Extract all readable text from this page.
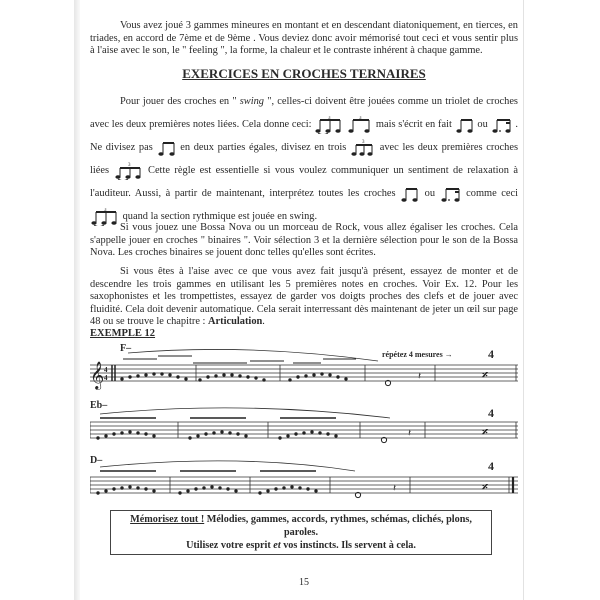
Vous avez joué 3 gammes mineures en montant et en descendant diatoniquement, en tierces, en triades, en accord de 7ème et de 9ème . Vous deviez donc avoir mémorisé tout ceci et vous sentir plus à l'aise avec le son, le " feeling ", la forme, la chaleur et le contraste inhérent à chaque gamme.

EXERCICES EN CROCHES TERNAIRES

Pour jouer des croches en " swing ", celles-ci doivent être jouées comme un triolet de croches avec les deux premières notes liées. Cela donne ceci:
3
	3
mais s'écrit en fait ou	. Ne divisez pas	en deux parties égales, divisez en trois	3 avec les deux premières croches liées	3 Cette règle est essentielle si vous voulez communiquer un sentiment de relaxation à l'auditeur. Aussi, à partir de maintenant, interprétez toutes les croches	ou	comme ceci
3
quand la section rythmique est jouée en swing.

Si vous jouez une Bossa Nova ou un morceau de Rock, vous allez égaliser les croches. Cela s'appelle jouer en croches " binaires ". Voir sélection 3 et la dernière sélection pour le son de la Bossa Nova. Les croches binaires se jouent donc telles qu'elles sont écrites.

Si vous êtes à l'aise avec ce que vous avez fait jusqu'à présent, essayez de monter et de descendre les trois gammes en utilisant les 5 premières notes en croches. Voir Ex. 12. Pour les saxophonistes et les trompettistes, essayez de garder vos doigts proches des clefs et de jouer avec fluidité. Cela doit devenir automatique. Cela serait interressant dès maintenant de jeter un œil sur page 48 ou se trouve le chapitre : Articulation.

EXEMPLE 12
F–
répétez 4 mesures →	4
𝄞 4
4	𝄽	𝄎
Eb–
4
𝄽	𝄎
D–	4
𝄽	𝄎
Mémorisez tout ! Mélodies, gammes, accords, rythmes, schémas, clichés, plons, paroles.
Utilisez votre esprit et vos instincts. Ils servent à cela.
15
